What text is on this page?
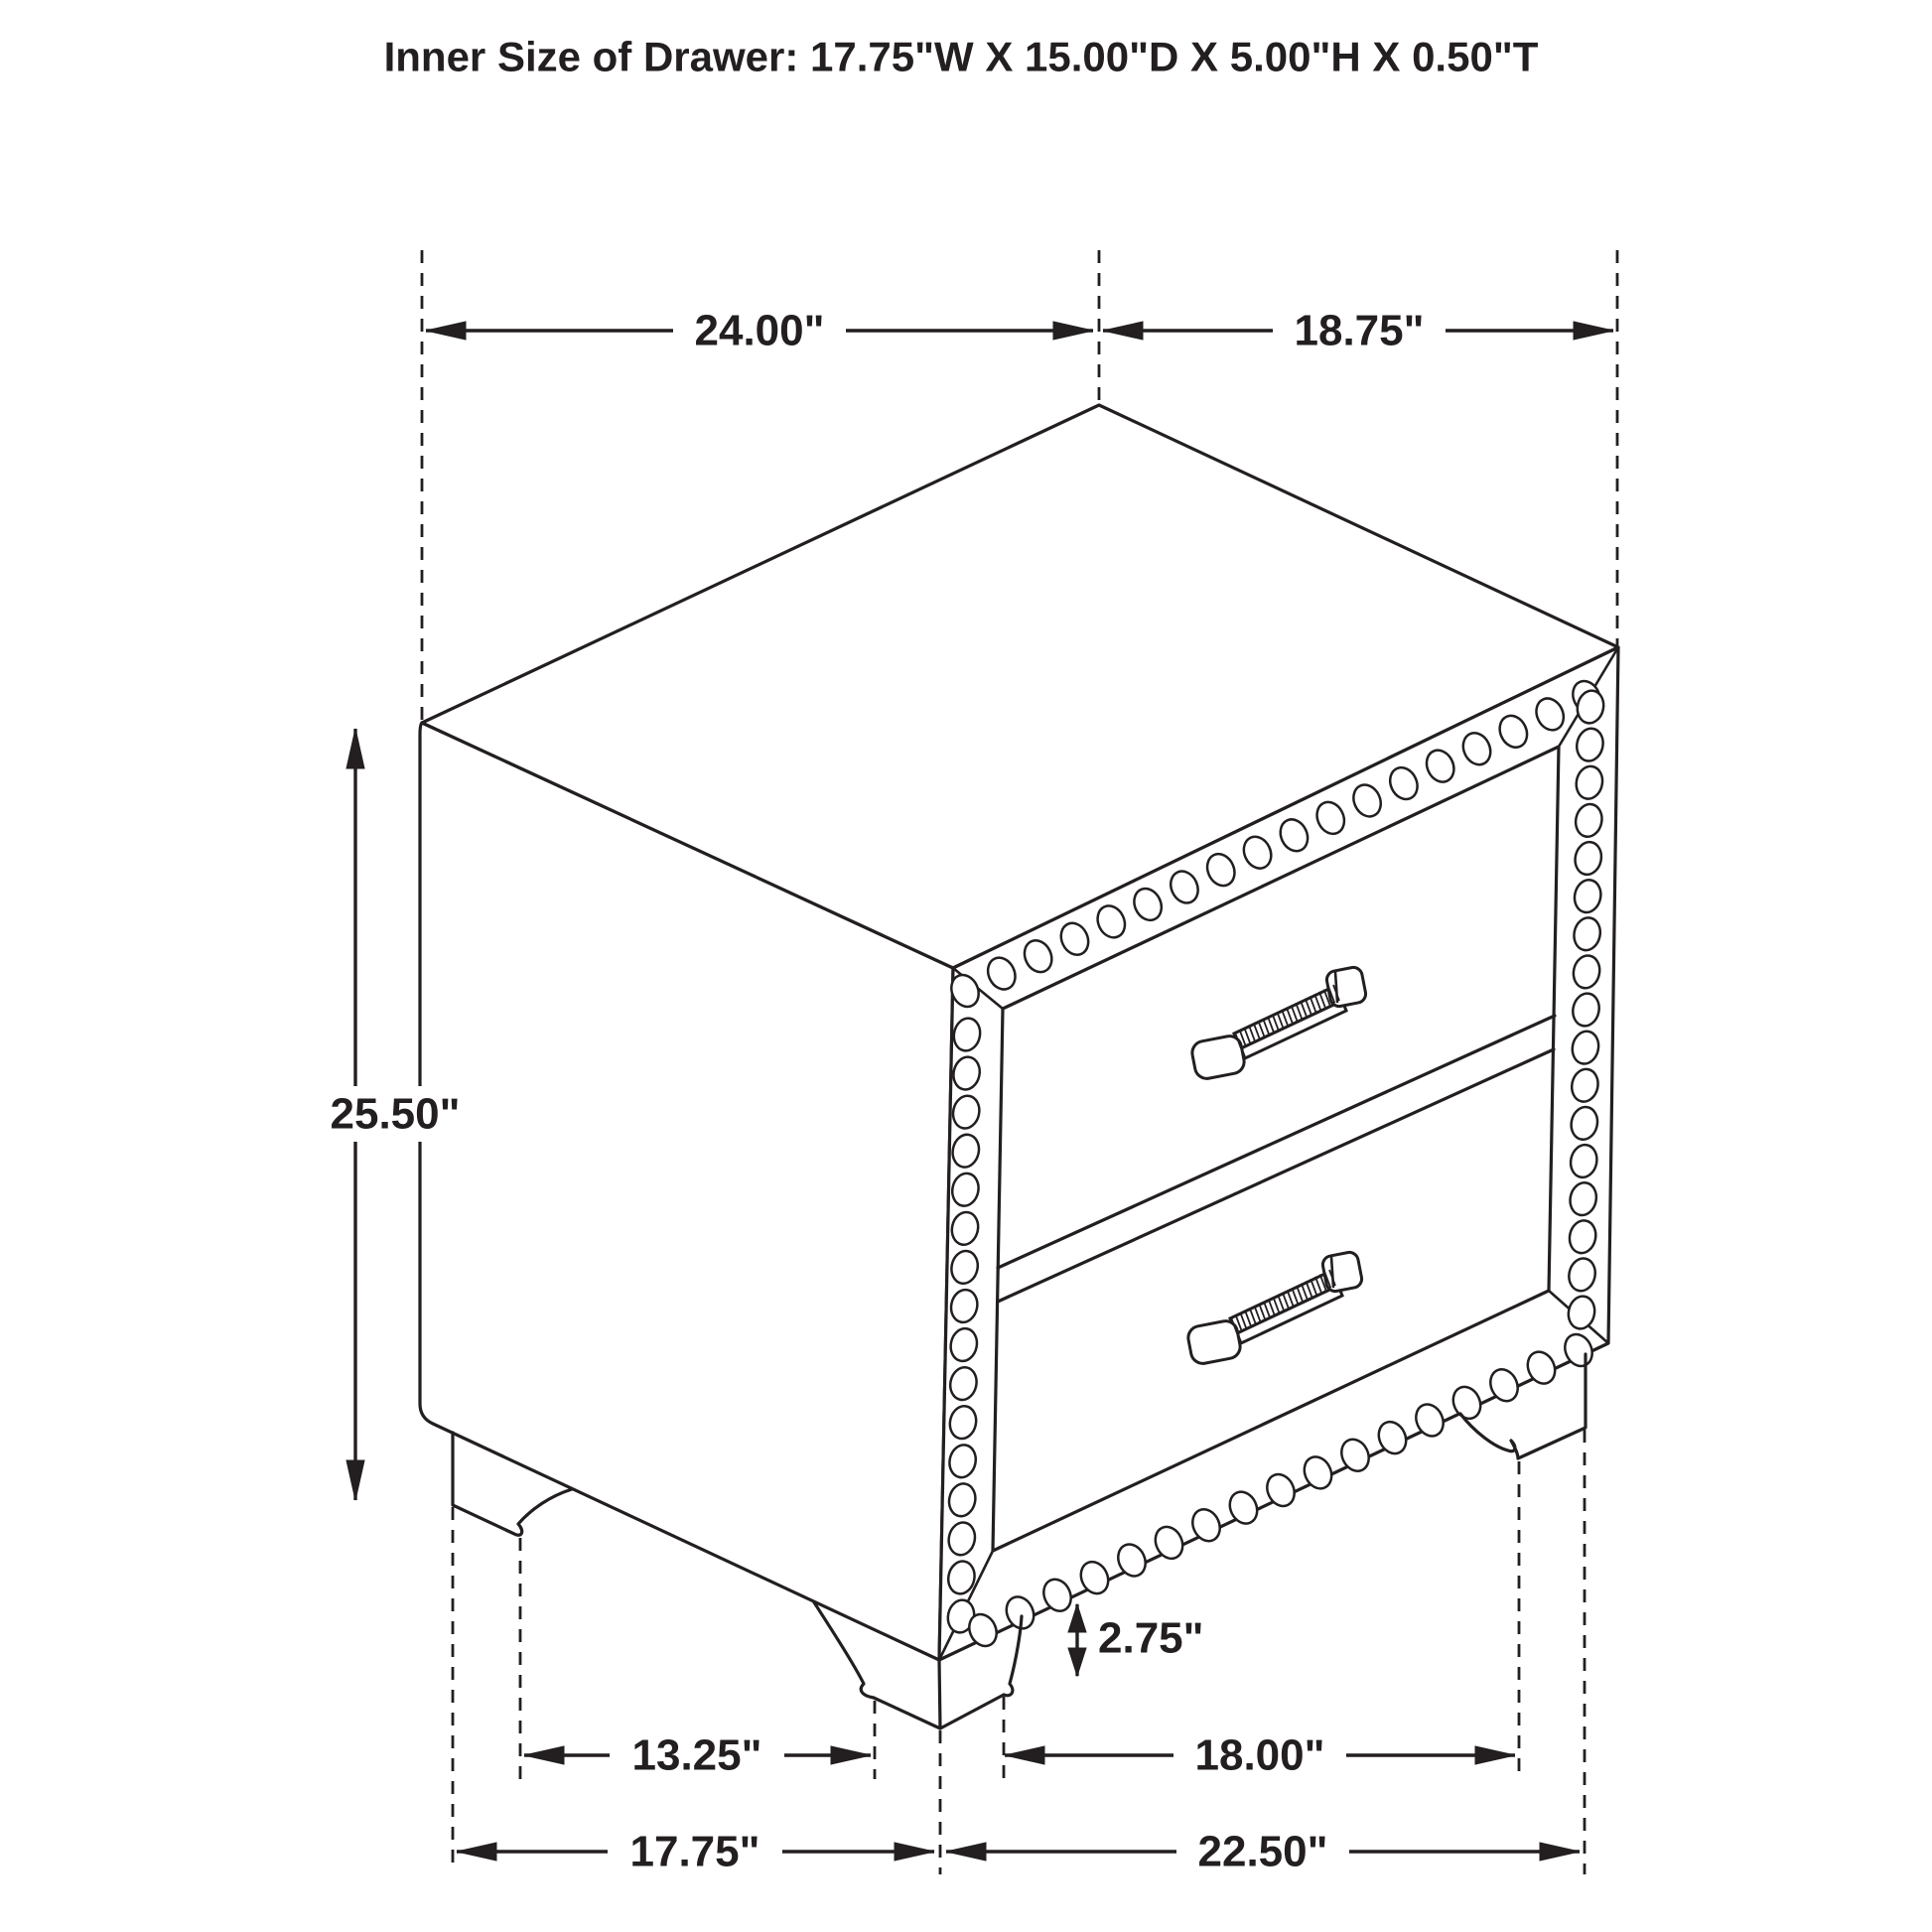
24.00"	18.75"
25.50"
2.75"
13.25"	18.00"
17.75"	22.50"
Inner Size of Drawer: 17.75"W X 15.00"D X 5.00"H X 0.50"T
